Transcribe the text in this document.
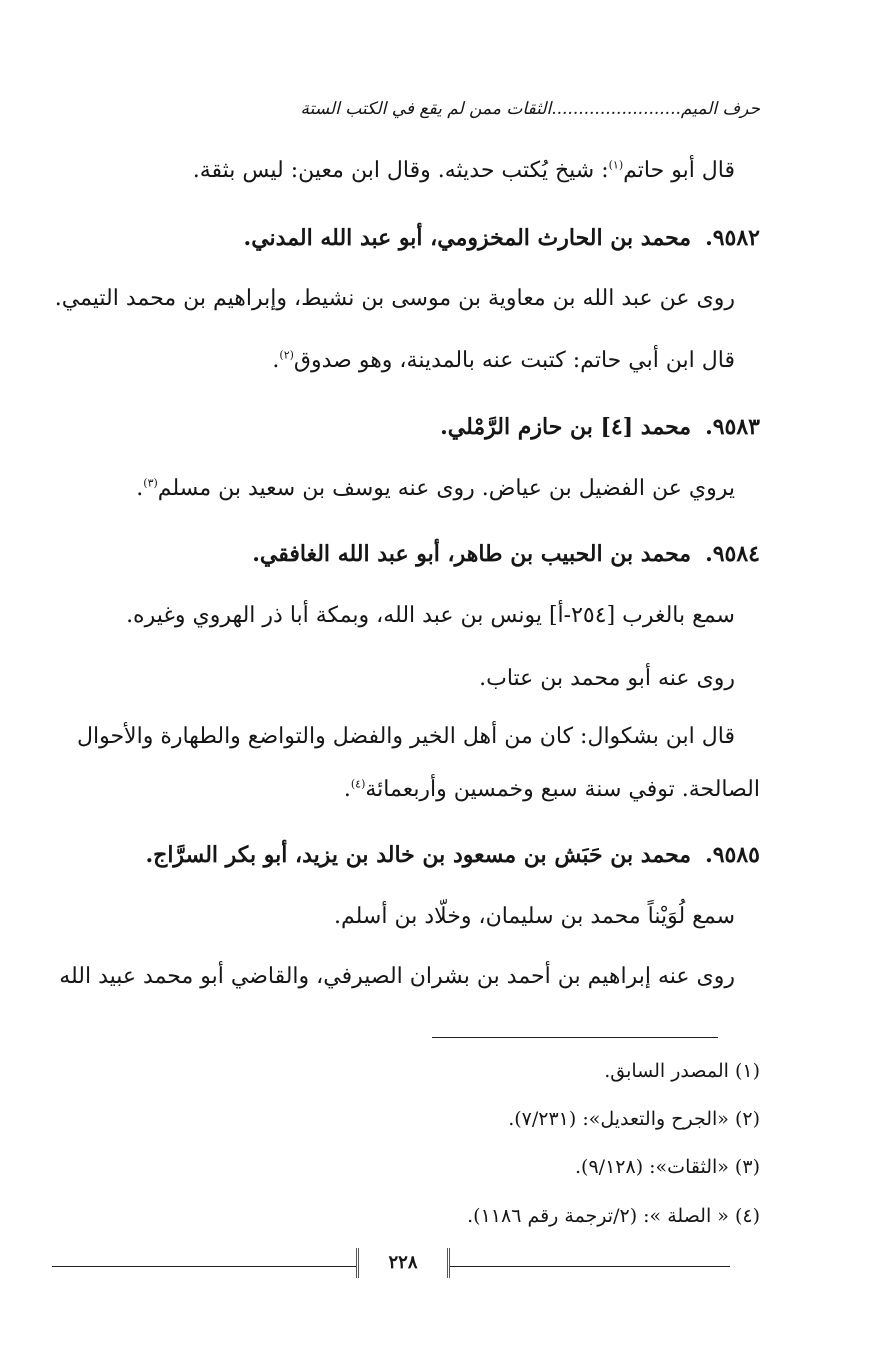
حرف الميم........................الثقات ممن لم يقع في الكتب الستة
قال أبو حاتم$^{(١)}$: شيخ يُكتب حديثه. وقال ابن معين: ليس بثقة.
٩٥٨٢.محمد بن الحارث المخزومي، أبو عبد الله المدني.
روى عن عبد الله بن معاوية بن موسى بن نشيط، وإبراهيم بن محمد التيمي.
قال ابن أبي حاتم: كتبت عنه بالمدينة، وهو صدوق$^{(٢)}$.
٩٥٨٣.محمد [٤] بن حازم الرَّمْلي.
يروي عن الفضيل بن عياض. روى عنه يوسف بن سعيد بن مسلم$^{(٣)}$.
٩٥٨٤.محمد بن الحبيب بن طاهر، أبو عبد الله الغافقي.
سمع بالغرب [٢٥٤-أ] يونس بن عبد الله، وبمكة أبا ذر الهروي وغيره.
روى عنه أبو محمد بن عتاب.
قال ابن بشكوال: كان من أهل الخير والفضل والتواضع والطهارة والأحوال
الصالحة. توفي سنة سبع وخمسين وأربعمائة$^{(٤)}$.
٩٥٨٥.محمد بن حَبَش بن مسعود بن خالد بن يزيد، أبو بكر السرَّاج.
سمع لُوَيْناً محمد بن سليمان، وخلّاد بن أسلم.
روى عنه إبراهيم بن أحمد بن بشران الصيرفي، والقاضي أبو محمد عبيد الله
(١) المصدر السابق.
(٢) «الجرح والتعديل»: (٧/٢٣١).
(٣) «الثقات»: (٩/١٢٨).
(٤) « الصلة »: (٢/ترجمة رقم ١١٨٦).
٢٢٨
